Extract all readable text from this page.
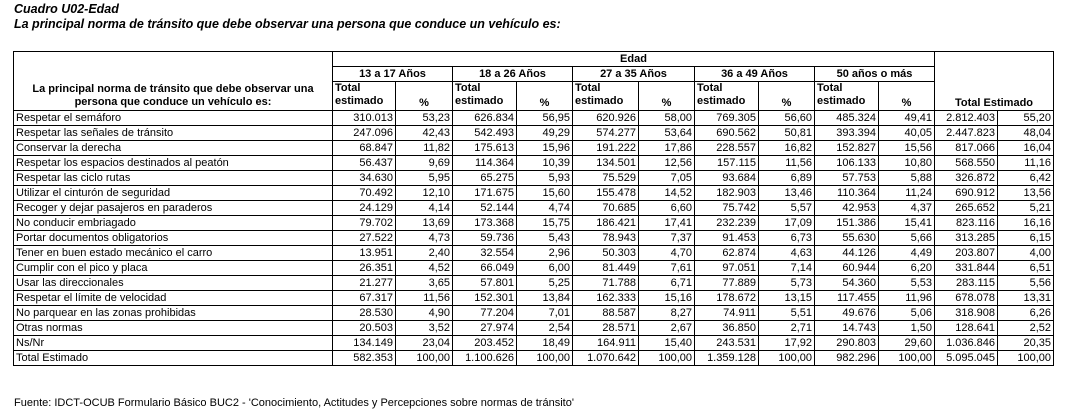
Cuadro U02-Edad
La principal norma de tránsito que debe observar una persona que conduce un vehículo es:
La principal norma de tránsito que debe observar una persona que conduce un vehículo es:	Edad										Total Estimado	
	13 a 17 Años		18 a 26 Años		27 a 35 Años		36 a 49 Años		50 años o más			
	Total estimado	%	Total estimado	%	Total estimado	%	Total estimado	%	Total estimado	%		
Respetar el semáforo	310.013	53,23	626.834	56,95	620.926	58,00	769.305	56,60	485.324	49,41	2.812.403	55,20
Respetar las señales de tránsito	247.096	42,43	542.493	49,29	574.277	53,64	690.562	50,81	393.394	40,05	2.447.823	48,04
Conservar la derecha	68.847	11,82	175.613	15,96	191.222	17,86	228.557	16,82	152.827	15,56	817.066	16,04
Respetar los espacios destinados al peatón	56.437	9,69	114.364	10,39	134.501	12,56	157.115	11,56	106.133	10,80	568.550	11,16
Respetar las ciclo rutas	34.630	5,95	65.275	5,93	75.529	7,05	93.684	6,89	57.753	5,88	326.872	6,42
Utilizar el cinturón de seguridad	70.492	12,10	171.675	15,60	155.478	14,52	182.903	13,46	110.364	11,24	690.912	13,56
Recoger y dejar pasajeros en paraderos	24.129	4,14	52.144	4,74	70.685	6,60	75.742	5,57	42.953	4,37	265.652	5,21
No conducir embriagado	79.702	13,69	173.368	15,75	186.421	17,41	232.239	17,09	151.386	15,41	823.116	16,16
Portar documentos obligatorios	27.522	4,73	59.736	5,43	78.943	7,37	91.453	6,73	55.630	5,66	313.285	6,15
Tener en buen estado mecánico el carro	13.951	2,40	32.554	2,96	50.303	4,70	62.874	4,63	44.126	4,49	203.807	4,00
Cumplir con el pico y placa	26.351	4,52	66.049	6,00	81.449	7,61	97.051	7,14	60.944	6,20	331.844	6,51
Usar las direccionales	21.277	3,65	57.801	5,25	71.788	6,71	77.889	5,73	54.360	5,53	283.115	5,56
Respetar el límite de velocidad	67.317	11,56	152.301	13,84	162.333	15,16	178.672	13,15	117.455	11,96	678.078	13,31
No parquear en las zonas prohibidas	28.530	4,90	77.204	7,01	88.587	8,27	74.911	5,51	49.676	5,06	318.908	6,26
Otras normas	20.503	3,52	27.974	2,54	28.571	2,67	36.850	2,71	14.743	1,50	128.641	2,52
Ns/Nr	134.149	23,04	203.452	18,49	164.911	15,40	243.531	17,92	290.803	29,60	1.036.846	20,35
Total Estimado	582.353	100,00	1.100.626	100,00	1.070.642	100,00	1.359.128	100,00	982.296	100,00	5.095.045	100,00
Fuente: IDCT-OCUB Formulario Básico BUC2 - 'Conocimiento, Actitudes y Percepciones sobre normas de tránsito'
